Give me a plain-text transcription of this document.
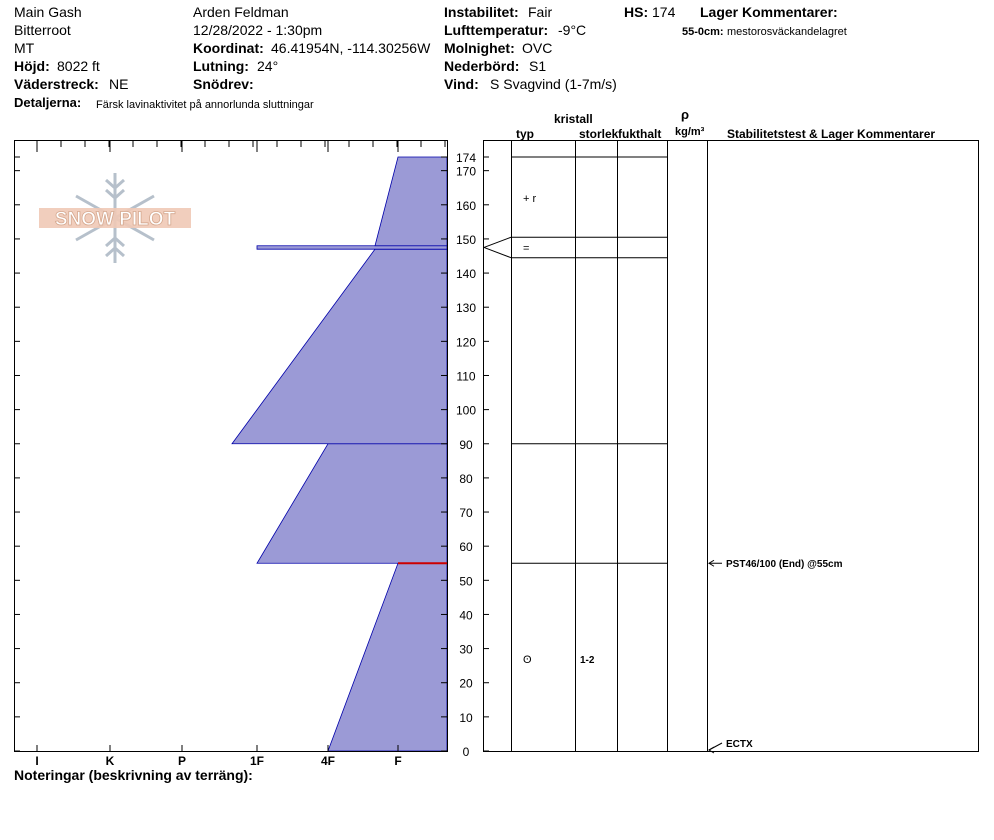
Main Gash
Bitterroot
MT
Höjd: 8022 ft
Väderstreck: NE
Detaljerna: Färsk lavinaktivitet på annorlunda sluttningar
Arden Feldman
12/28/2022 - 1:30pm
Koordinat: 46.41954N, -114.30256W
Lutning: 24°
Snödrev:
Instabilitet: Fair
Lufttemperatur: -9°C
Molnighet: OVC
Nederbörd: S1
Vind: S Svagvind (1-7m/s)
HS: 174 Lager Kommentarer:
55-0cm: mestorosväckandelagret
kristall
typ	storlek fukthalt
ρ
kg/m³ Stabilitetstest & Lager Kommentarer
Noteringar (beskrivning av terräng):
SNOW PILOT
I	K	P	1F	4F	F
0
10
20
30
40
50
60
70
80
90
100
110
120
130
140
150
160
170
174
+ r
=
ʘ	1-2
PST46/100 (End) @55cm
ECTX
